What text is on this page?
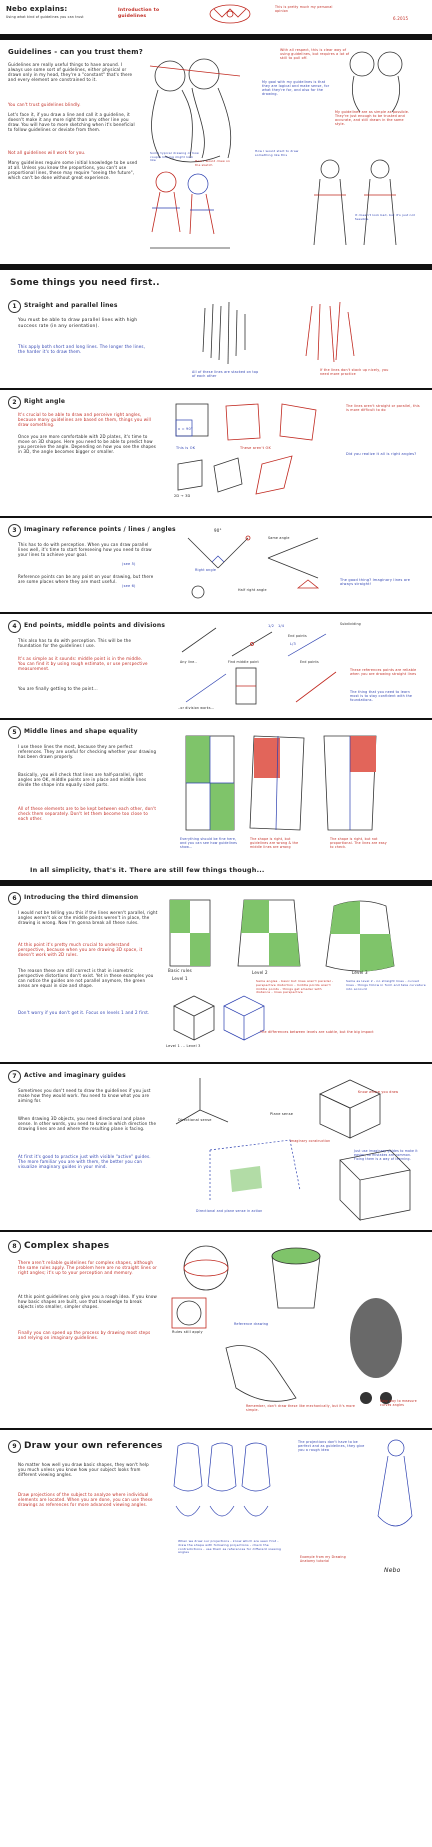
Nebo explains:
Using what kind of guidelines you can trust
Introduction to guidelines
This is pretty much my personal opinion
6.2015
Guidelines - can you trust them?
Guidelines are really useful things to have around. I always use some sort of guidelines, either physical or drawn only in my head, they're a "constant" that's there and every element are constrained to it.
You can't trust guidelines blindly.
Let's face it, if you draw a line and call it a guideline, it doesn't make it any more right than any other line you draw. You will have to more sketching when it's beneficial to follow guidelines or deviate from them.
Not all guidelines will work for you.
Many guidelines require some initial knowledge to be used at all. Unless you know the proportions, you can't use proportional lines, these may require "seeing the future", which can't be done without great experience.
Some typical drawing of how couple kissing might look like	How I would draw on the sketch
With all respect, this is clear way of using guidelines, but requires a lot of skill to pull off.
My goal with my guidelines is that they are logical and make sense, for what they're for, and also for the drawing.
My guidelines are as simple as possible. They're just enough to be trusted and accurate, and still drawn in the same style.
How I would start to draw something like this
It doesn't look bad, but it's just not feasible.
Some things you need first..
1	Straight and parallel lines
You must be able to draw parallel lines with high success rate (in any orientation).
This apply both short and long lines. The longer the lines, the harder it's to draw them.
All of these lines are stacked on top of each other
If the lines don't stack up nicely, you need more practice
2	Right angle
It's crucial to be able to draw and perceive right angles, because many guidelines are based on them, things you will draw something.
Once you are more comfortable with 2D plates, it's time to move on 3D shapes. Here you need to be able to predict how you perceive the angle. Depending on how you see the shapes in 3D, the angle becomes bigger or smaller.
x = 90°
This is OK	These aren't OK
The lines aren't straight or parallel, this is more difficult to do
2D → 3D
Did you realize it all is right angles?
3	Imaginary reference points / lines / angles
This has to do with perception. When you can draw parallel lines well, it's time to start foreseeing how you need to draw your lines to achieve your goal.
(see 5)
Reference points can be any point on your drawing, but there are some places where they are most useful.
(see 6)
90°
Right angle
Same angle
Half right angle
The good thing? Imaginary lines are always straight!
4	End points, middle points and divisions
This also has to do with perception. This will be the foundation for the guidelines I use.
It's as simple as it sounds: middle point is in the middle. You can find it by using rough estimate, or use perspective measurement.
You are finally getting to the point...
Any line..	Find middle point
End points
End points
Subdividing
..or division works...
1/2 1/4
L/3
These references points are reliable when you are drawing straight lines
The thing that you need to learn most is to stay confident with the foundations.
5	Middle lines and shape equality
I use these lines the most, because they are perfect references. They are useful for checking whether your drawing has been drawn properly.
Basically, you will check that lines are half-parallel, right angles are OK, middle points are in place and middle lines divide the shape into equally sized parts.
All of these elements are to be kept between each other, don't check them separately. Don't let them become too close to each other.
Everything should be fine here, and you can see how guidelines show...
The shape is right, but guidelines are wrong & the middle lines are wrong
The shape is right, but not proportional. The lines are easy to check.
In all simplicity, that's it. There are still few things though...
6	Introducing the third dimension
I would not be telling you this if the lines weren't parallel, right angles weren't ok or the middle points weren't in place, the drawing is wrong. Now I'm gonna break all these rules.
At this point it's pretty much crucial to understand perspective, because when you are drawing 3D space, it doesn't work with 2D rules.
The reason these are still correct is that in isometric perspective distortions don't exist. Yet in these examples you can notice the guides are not parallel anymore, the green areas are equal in size and shape.
Don't worry if you don't get it. Focus on levels 1 and 2 first.
Basic rules
Level 1
Level 2	Level 3
Level 1 ... Level 3
Same angles - basic but lines aren't parallel - perspective distortion - middle points aren't middle points - things get smaller with distance - lines perspective
Same as level 2 - no straight lines - curved lines - things follow in form and take curvature into account
The differences between levels are subtle, but the big impact
7	Active and imaginary guides
Sometimes you don't need to draw the guidelines if you just make how they would work. You need to know what you are aiming for.
When drawing 3D objects, you need directional and plane sense. In other words, you need to know in which direction the drawing lines are and where the resulting plane is facing.
At first it's good to practice just with visible "active" guides. The more familiar you are with them, the better you can visualize imaginary guides in your mind.
Directional sense
Plane sense
Directional and plane sense in action
Know where you draw
Just use imaginary guides to make it easier, so mistakes are common. Fixing them is a way of learning.
Imaginary construction
8 Complex shapes
There aren't reliable guidelines for complex shapes, although the same rules apply. The problem here are no straight lines or right angles; it's up to your perception and memory.
At this point guidelines only give you a rough idea. If you know how basic shapes are built, use that knowledge to break objects into smaller, simpler shapes.
Finally you can speed up the process by drawing most steps and relying on imaginary guidelines.
Rules still apply
Reference drawing
Easy way to measure curves angles
Remember, don't draw these like mechanically, but it's more simple.
9 Draw your own references
No matter how well you draw basic shapes, they won't help you much unless you know how your subject looks from different viewing angles.
Draw projections of the subject to analyze where individual elements are located. When you are done, you can use these drawings as references for more advanced viewing angles.
When we draw our projections - know which are seen first - draw the shape with following projections - check the contradictions - use them as references for different viewing angles
The projections don't have to be perfect and as guidelines, they give you a rough idea
Example from my Drawing Anatomy tutorial
Nebo
